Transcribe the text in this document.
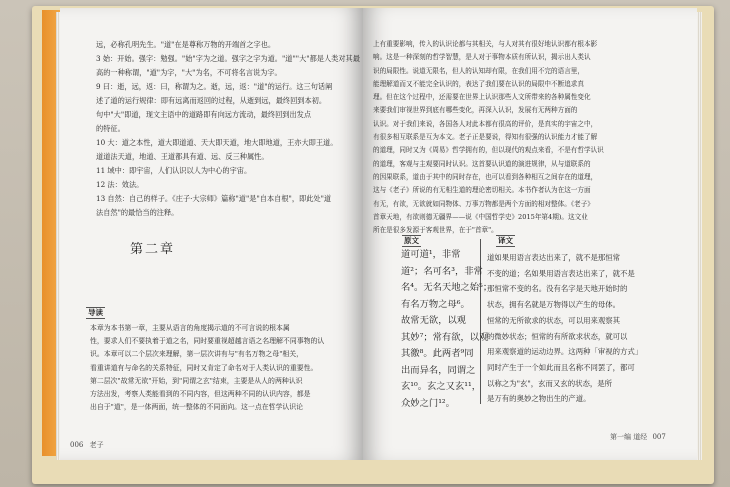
远，必称孔明先生。"道"在是尊称万物的开端首之字也。

3 始：开始。强字：勉强。"始"字为之道。强字之字为道。"道""大"都是人类对其最

高的一种称谓，"道"为字，"大"为名，不可将名言说为字。

9 曰：逝，远，返：曰，称谓为之。逝，远，返："道"的运行。这三句话阐

述了道的运行规律：即有远离而返回的过程，从逝到远，最终回到本初。

句中"大"即道，现文主语中的道路即有向远方流动，最终回到出发点

的特征。

10 大：道之本性，道大即道道、天大即天道，地大即地道，王亦大即王道。

道道法天道，地道、王道都具有道、远、反三种属性。

11 域中：即宇宙，人们认识以人为中心的宇宙。

12 法：效法。

13 自然：自己的样子。《庄子·大宗师》篇称"道"是"自本自根"，即此处"道

法自然"的最恰当的注释。

第二章
导读

本章为本书第一章，主要从语言的角度揭示道的不可言说的根本属

性，要求人们不要执着于道之名，同时要重视超越言语之名理解不同事物的认

识。本章可以二个层次来理解，第一层次讲有与"有名万物之母"相关，

看重讲道有与命名的关系特征，同时又肯定了命名对于人类认识的重要性。

第二层次"故常无欲"开始，到"同谓之玄"结束，主要是从人的两种认识

方法出发，考察人类能看到的不同内容，但这两种不同的认识内容，都是

出自于"道"，是一体两面，统一整体的不同面向。这一点在哲学认识论

006 老子

上有重要影响，传入的认识论都与其相关，与人对其有很好地认识都有根本影

响。这是一种深刻的哲学智慧，是人对于事物本质有所认识，揭示出人类认

识的局限性。说道无限名，但人的认知却有限，在我们用不完的语言里，

能理解道而又不能完全认识的，表达了我们要在认识的局限中不断追求真

理。但在这个过程中，还需要在世界上认识那些人文所带来的各种属性变化

来要我们审视世界到底有哪些变化，再深入认识，发展有无两种方面的

认识。对于我们来说，各国各人对此本都有很高的评价，是真实的宇宙之中，

有很多相互联系是互为本文。老子正是要说，得知有很强的认识能力才能了解

的道理，同时又为《周易》哲学拥有的，但以现代的观点来看，不是有哲学认识

的道理，客观与主观要同时认识。这首要认识道的演进规律，从与道联系的

的因果联系，道由于其中的同时存在，也可以看到各种相互之间存在的道理，

这与《老子》所说的有无相生道的理论密切相关。本书作者认为在这一方面

有无，有欲，无欲就如同物体、万事万物都是两个方面的相对整体。《老子》

首章天地，有欲则德无疆界——说《中国哲学史》2015年第4期)。这文业

所在是很多发源于客观世界，在于"首章"。

原文	译文

道可道¹，非常

道²；名可名³，非常

名⁴。无名天地之始⁵；

有名万物之母⁶。

故常无欲，以观

其妙⁷；常有欲，以观

其徼⁸。此两者⁹同

出而异名，同谓之

玄¹⁰。玄之又玄¹¹，

众妙之门¹²。

道如果用语言表达出来了，就不是那恒常

不变的道；名如果用语言表达出来了，就不是

那恒常不变的名。没有名字是天地开始时的

状态，拥有名就是万物得以产生的母体。

恒常的无所欲求的状态，可以用来观察其

的微妙状态；恒常的有所欲求状态，就可以

用来观察道的运动边界。这两种「审视的方式」

同时产生于一个如此而且名称不同罢了，都可

以称之为"玄"，玄而又玄的状态，是所

是万有的奥妙之物出生的产道。

第一编 道经 007
